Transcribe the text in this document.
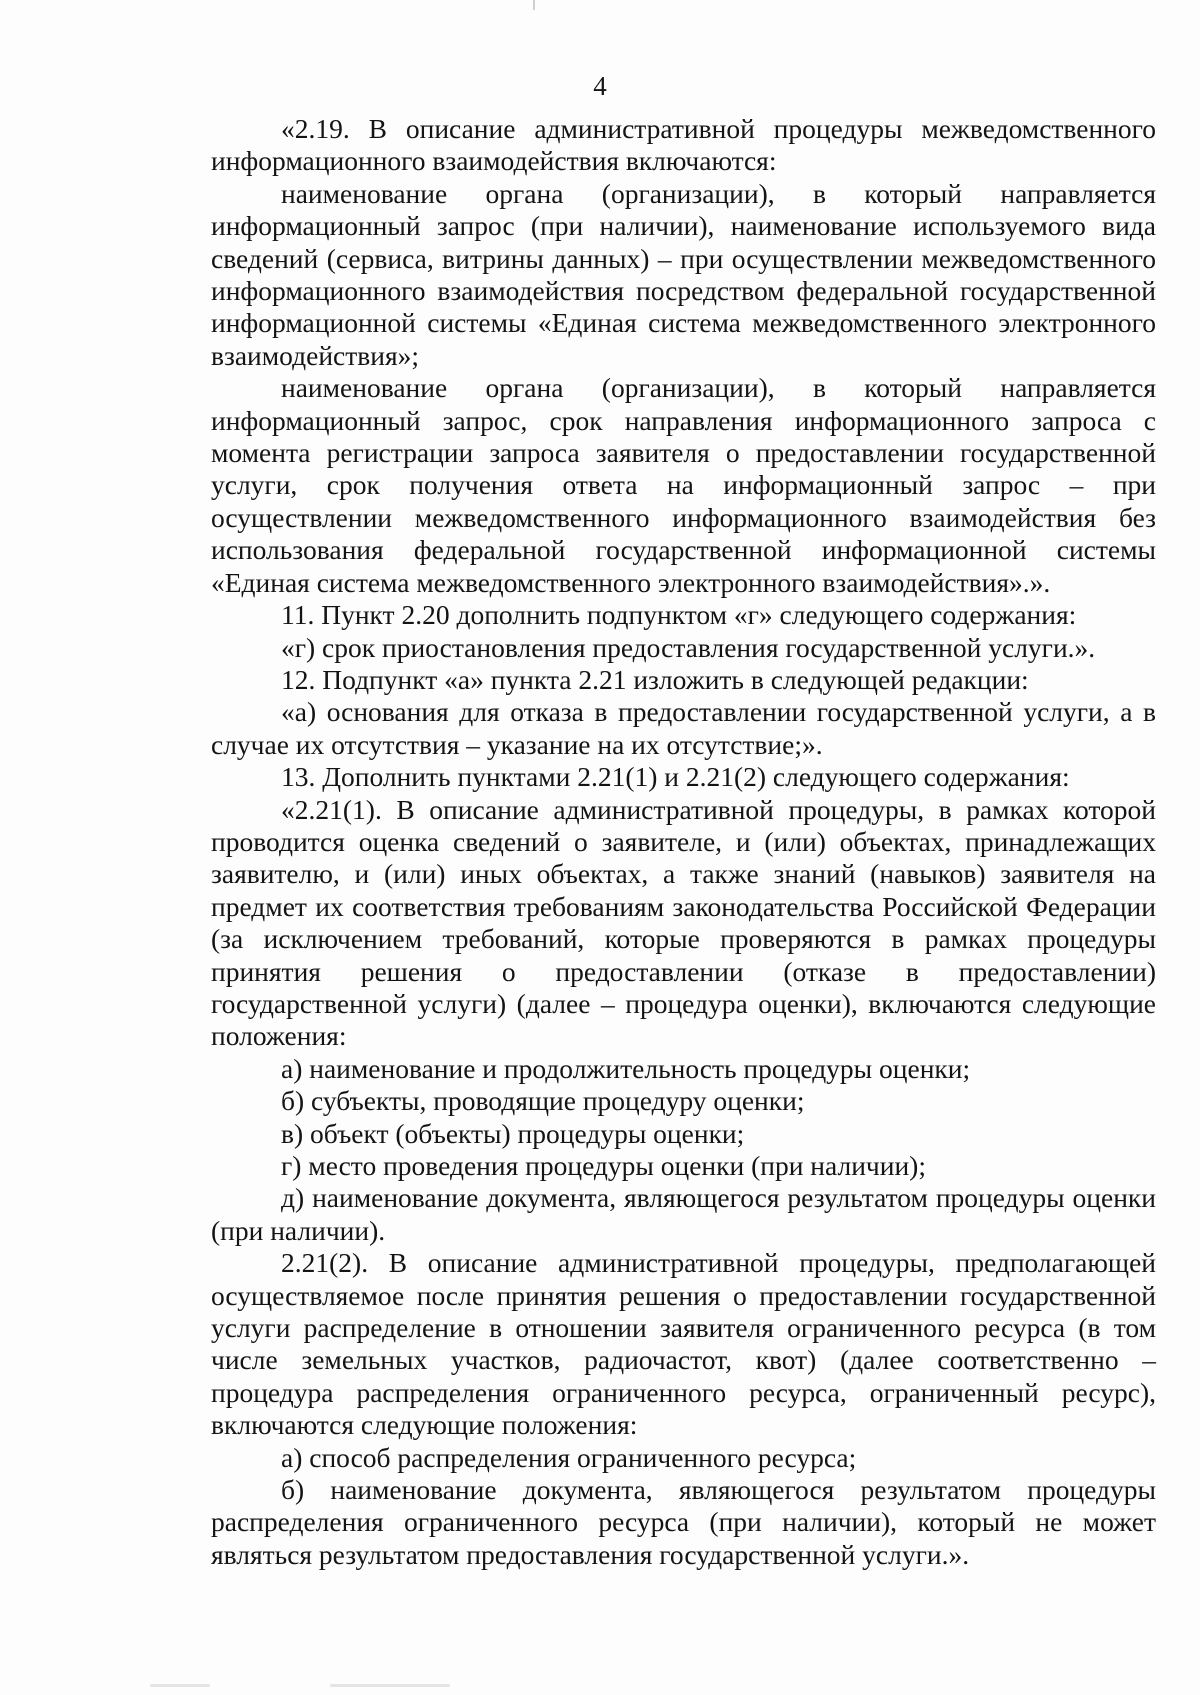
4

«2.19. В описание административной процедуры межведомственного информационного взаимодействия включаются:

наименование органа (организации), в который направляется информационный запрос (при наличии), наименование используемого вида сведений (сервиса, витрины данных) – при осуществлении межведомственного информационного взаимодействия посредством федеральной государственной информационной системы «Единая система межведомственного электронного взаимодействия»;

наименование органа (организации), в который направляется информационный запрос, срок направления информационного запроса с момента регистрации запроса заявителя о предоставлении государственной услуги, срок получения ответа на информационный запрос – при осуществлении межведомственного информационного взаимодействия без использования федеральной государственной информационной системы «Единая система межведомственного электронного взаимодействия».».

11. Пункт 2.20 дополнить подпунктом «г» следующего содержания:

«г) срок приостановления предоставления государственной услуги.».

12. Подпункт «а» пункта 2.21 изложить в следующей редакции:

«а) основания для отказа в предоставлении государственной услуги, а в случае их отсутствия – указание на их отсутствие;».

13. Дополнить пунктами 2.21(1) и 2.21(2) следующего содержания:

«2.21(1). В описание административной процедуры, в рамках которой проводится оценка сведений о заявителе, и (или) объектах, принадлежащих заявителю, и (или) иных объектах, а также знаний (навыков) заявителя на предмет их соответствия требованиям законодательства Российской Федерации (за исключением требований, которые проверяются в рамках процедуры принятия решения о предоставлении (отказе в предоставлении) государственной услуги) (далее – процедура оценки), включаются следующие положения:

а) наименование и продолжительность процедуры оценки;

б) субъекты, проводящие процедуру оценки;

в) объект (объекты) процедуры оценки;

г) место проведения процедуры оценки (при наличии);

д) наименование документа, являющегося результатом процедуры оценки (при наличии).

2.21(2). В описание административной процедуры, предполагающей осуществляемое после принятия решения о предоставлении государственной услуги распределение в отношении заявителя ограниченного ресурса (в том числе земельных участков, радиочастот, квот) (далее соответственно – процедура распределения ограниченного ресурса, ограниченный ресурс), включаются следующие положения:

а) способ распределения ограниченного ресурса;

б) наименование документа, являющегося результатом процедуры распределения ограниченного ресурса (при наличии), который не может являться результатом предоставления государственной услуги.».
